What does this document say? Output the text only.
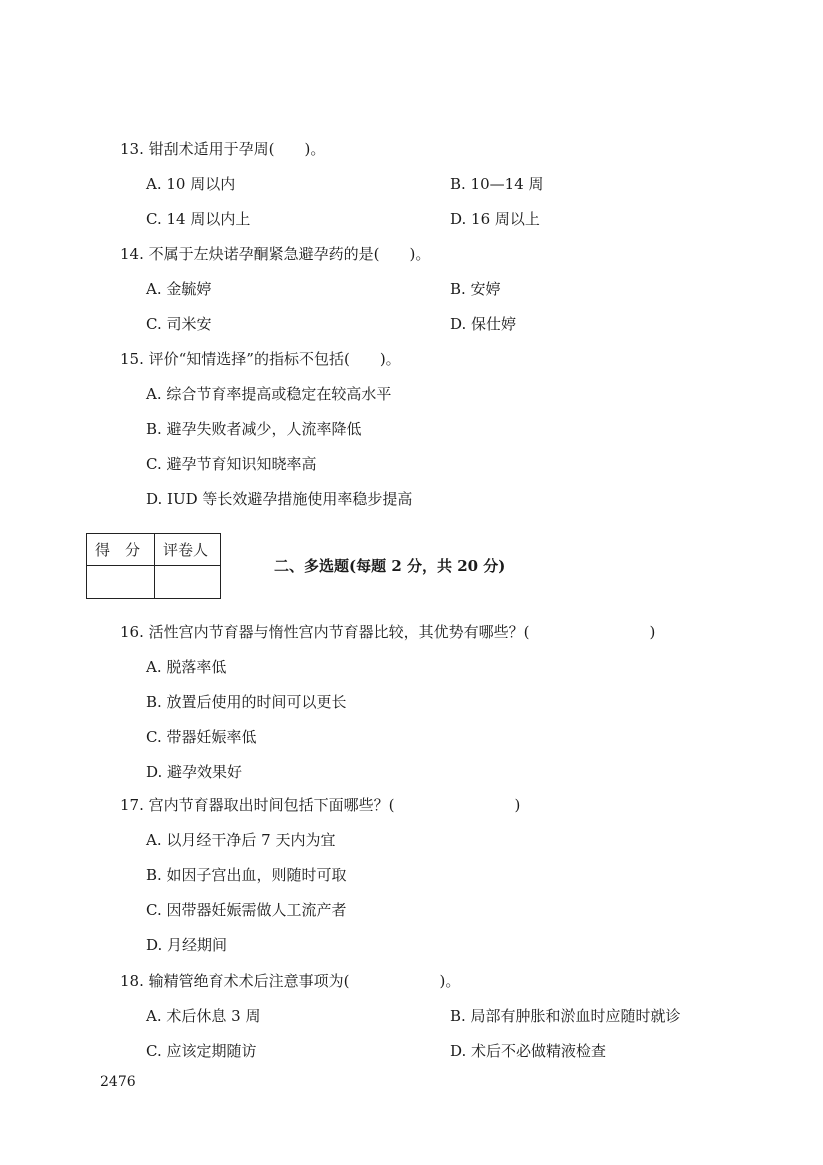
13. 钳刮术适用于孕周(　　)。
A. 10 周以内	B. 10—14 周
C. 14 周以内上	D. 16 周以上
14. 不属于左炔诺孕酮紧急避孕药的是(　　)。
A. 金毓婷	B. 安婷
C. 司米安	D. 保仕婷
15. 评价“知情选择”的指标不包括(　　)。
A. 综合节育率提高或稳定在较高水平
B. 避孕失败者减少，人流率降低
C. 避孕节育知识知晓率高
D. IUD 等长效避孕措施使用率稳步提高
得　分 评卷人
二、多选题(每题 2 分，共 20 分)
16. 活性宫内节育器与惰性宫内节育器比较，其优势有哪些？(　　　　　　　　)
A. 脱落率低
B. 放置后使用的时间可以更长
C. 带器妊娠率低
D. 避孕效果好
17. 宫内节育器取出时间包括下面哪些？(　　　　　　　　)
A. 以月经干净后 7 天内为宜
B. 如因子宫出血，则随时可取
C. 因带器妊娠需做人工流产者
D. 月经期间
18. 输精管绝育术术后注意事项为(　　　　　　)。
A. 术后休息 3 周	B. 局部有肿胀和淤血时应随时就诊
C. 应该定期随访	D. 术后不必做精液检查
2476
